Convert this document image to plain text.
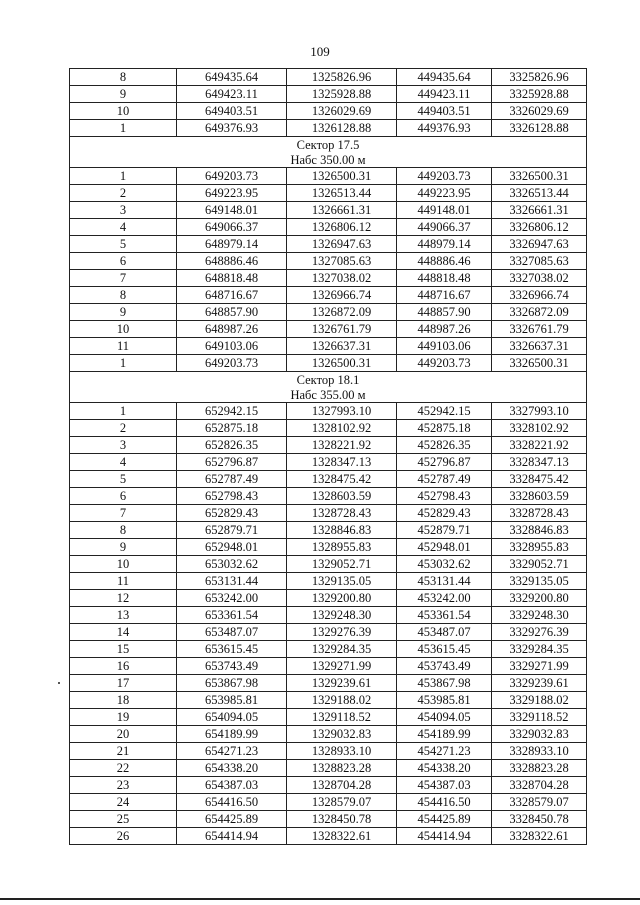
109
8	649435.64	1325826.96	449435.64	3325826.96
9	649423.11	1325928.88	449423.11	3325928.88
10	649403.51	1326029.69	449403.51	3326029.69
1	649376.93	1326128.88	449376.93	3326128.88
Сектор 17.5				
Набс 350.00 м				
1	649203.73	1326500.31	449203.73	3326500.31
2	649223.95	1326513.44	449223.95	3326513.44
3	649148.01	1326661.31	449148.01	3326661.31
4	649066.37	1326806.12	449066.37	3326806.12
5	648979.14	1326947.63	448979.14	3326947.63
6	648886.46	1327085.63	448886.46	3327085.63
7	648818.48	1327038.02	448818.48	3327038.02
8	648716.67	1326966.74	448716.67	3326966.74
9	648857.90	1326872.09	448857.90	3326872.09
10	648987.26	1326761.79	448987.26	3326761.79
11	649103.06	1326637.31	449103.06	3326637.31
1	649203.73	1326500.31	449203.73	3326500.31
Сектор 18.1				
Набс 355.00 м				
1	652942.15	1327993.10	452942.15	3327993.10
2	652875.18	1328102.92	452875.18	3328102.92
3	652826.35	1328221.92	452826.35	3328221.92
4	652796.87	1328347.13	452796.87	3328347.13
5	652787.49	1328475.42	452787.49	3328475.42
6	652798.43	1328603.59	452798.43	3328603.59
7	652829.43	1328728.43	452829.43	3328728.43
8	652879.71	1328846.83	452879.71	3328846.83
9	652948.01	1328955.83	452948.01	3328955.83
10	653032.62	1329052.71	453032.62	3329052.71
11	653131.44	1329135.05	453131.44	3329135.05
12	653242.00	1329200.80	453242.00	3329200.80
13	653361.54	1329248.30	453361.54	3329248.30
14	653487.07	1329276.39	453487.07	3329276.39
15	653615.45	1329284.35	453615.45	3329284.35
16	653743.49	1329271.99	453743.49	3329271.99
17	653867.98	1329239.61	453867.98	3329239.61
18	653985.81	1329188.02	453985.81	3329188.02
19	654094.05	1329118.52	454094.05	3329118.52
20	654189.99	1329032.83	454189.99	3329032.83
21	654271.23	1328933.10	454271.23	3328933.10
22	654338.20	1328823.28	454338.20	3328823.28
23	654387.03	1328704.28	454387.03	3328704.28
24	654416.50	1328579.07	454416.50	3328579.07
25	654425.89	1328450.78	454425.89	3328450.78
26	654414.94	1328322.61	454414.94	3328322.61
